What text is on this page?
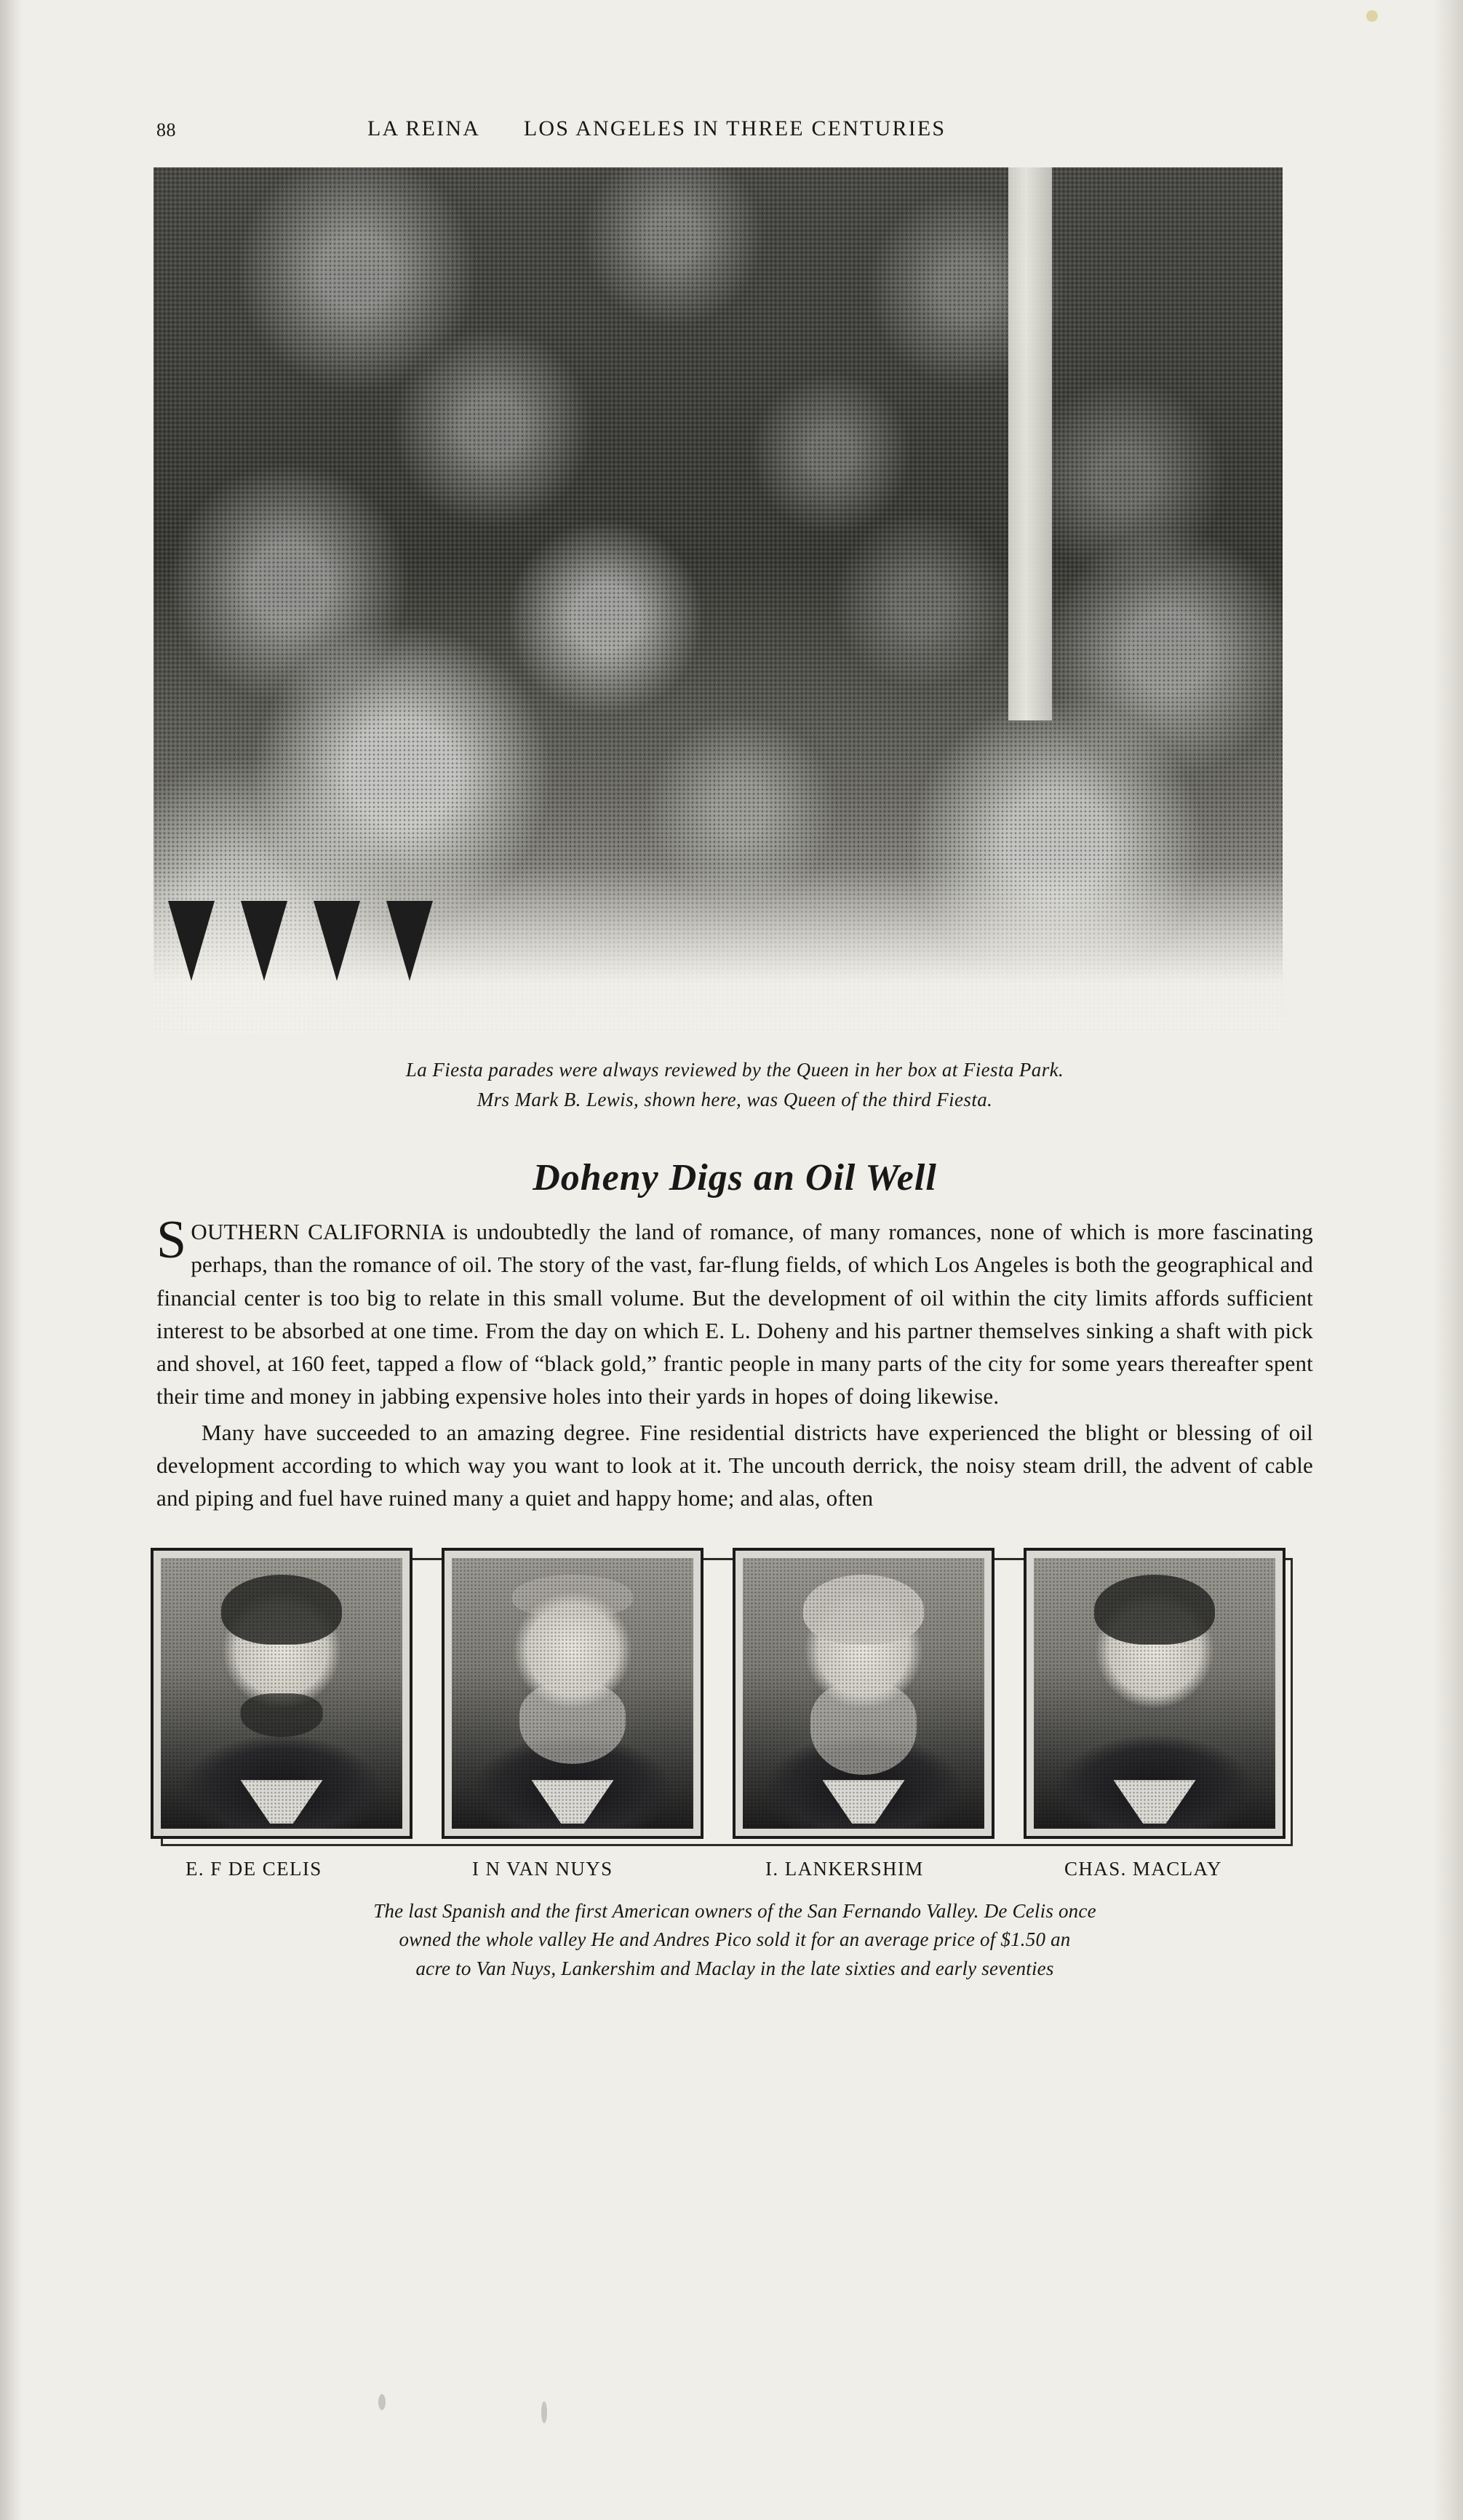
88	LA REINA LOS ANGELES IN THREE CENTURIES
La Fiesta parades were always reviewed by the Queen in her box at Fiesta Park.
Mrs Mark B. Lewis, shown here, was Queen of the third Fiesta.
Doheny Digs an Oil Well

SOUTHERN CALIFORNIA is undoubtedly the land of romance, of many romances, none of which is more fascinating perhaps, than the romance of oil. The story of the vast, far-flung fields, of which Los Angeles is both the geographical and financial center is too big to relate in this small volume. But the development of oil within the city limits affords sufficient interest to be absorbed at one time. From the day on which E. L. Doheny and his partner themselves sinking a shaft with pick and shovel, at 160 feet, tapped a flow of “black gold,” frantic people in many parts of the city for some years thereafter spent their time and money in jabbing expensive holes into their yards in hopes of doing likewise.

Many have succeeded to an amazing degree. Fine residential districts have experienced the blight or blessing of oil development according to which way you want to look at it. The uncouth derrick, the noisy steam drill, the advent of cable and piping and fuel have ruined many a quiet and happy home; and alas, often

E. F DE CELIS	I N VAN NUYS	I. LANKERSHIM	CHAS. MACLAY
The last Spanish and the first American owners of the San Fernando Valley. De Celis once
owned the whole valley He and Andres Pico sold it for an average price of $1.50 an
acre to Van Nuys, Lankershim and Maclay in the late sixties and early seventies
